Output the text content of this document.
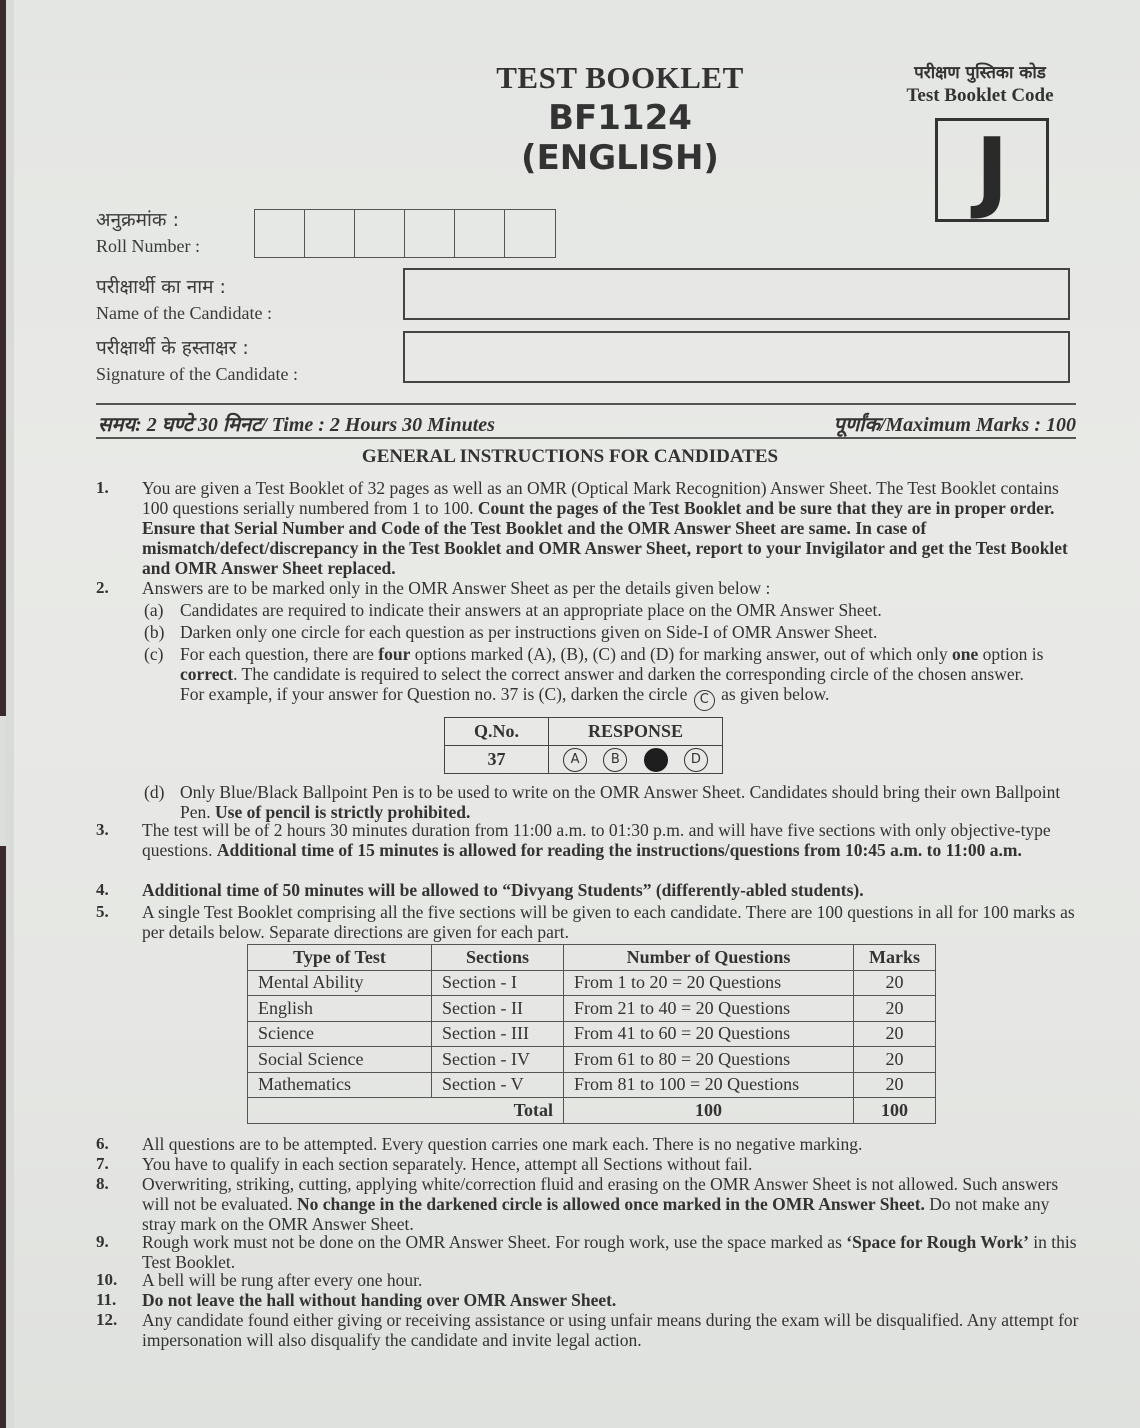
TEST BOOKLET
BF1124
(ENGLISH)
परीक्षण पुस्तिका कोड
Test Booklet Code
J
अनुक्रमांक :
Roll Number :
परीक्षार्थी का नाम :
Name of the Candidate :
परीक्षार्थी के हस्ताक्षर :
Signature of the Candidate :
समय: 2 घण्टे 30 मिनट/ Time : 2 Hours 30 Minutes	पूर्णांक/Maximum Marks : 100
GENERAL INSTRUCTIONS FOR CANDIDATES
1.	You are given a Test Booklet of 32 pages as well as an OMR (Optical Mark Recognition) Answer Sheet. The Test Booklet contains 100 questions serially numbered from 1 to 100. Count the pages of the Test Booklet and be sure that they are in proper order. Ensure that Serial Number and Code of the Test Booklet and the OMR Answer Sheet are same. In case of mismatch/defect/discrepancy in the Test Booklet and OMR Answer Sheet, report to your Invigilator and get the Test Booklet and OMR Answer Sheet replaced.
2.	Answers are to be marked only in the OMR Answer Sheet as per the details given below :
(a) Candidates are required to indicate their answers at an appropriate place on the OMR Answer Sheet.
(b) Darken only one circle for each question as per instructions given on Side-I of OMR Answer Sheet.
(c) For each question, there are four options marked (A), (B), (C) and (D) for marking answer, out of which only one option is correct. The candidate is required to select the correct answer and darken the corresponding circle of the chosen answer.
For example, if your answer for Question no. 37 is (C), darken the circle C as given below.
Q.No.	RESPONSE
37	A B D
(d) Only Blue/Black Ballpoint Pen is to be used to write on the OMR Answer Sheet. Candidates should bring their own Ballpoint Pen. Use of pencil is strictly prohibited.
3.	The test will be of 2 hours 30 minutes duration from 11:00 a.m. to 01:30 p.m. and will have five sections with only objective-type questions. Additional time of 15 minutes is allowed for reading the instructions/questions from 10:45 a.m. to 11:00 a.m.
4.	Additional time of 50 minutes will be allowed to “Divyang Students” (differently-abled students).
5.	A single Test Booklet comprising all the five sections will be given to each candidate. There are 100 questions in all for 100 marks as per details below. Separate directions are given for each part.
Type of Test	Sections	Number of Questions	Marks
Mental Ability	Section - I	From 1 to 20 = 20 Questions	20
English	Section - II	From 21 to 40 = 20 Questions	20
Science	Section - III	From 41 to 60 = 20 Questions	20
Social Science	Section - IV	From 61 to 80 = 20 Questions	20
Mathematics	Section - V	From 81 to 100 = 20 Questions	20
Total		100	100
6.	All questions are to be attempted. Every question carries one mark each. There is no negative marking.
7.	You have to qualify in each section separately. Hence, attempt all Sections without fail.
8.	Overwriting, striking, cutting, applying white/correction fluid and erasing on the OMR Answer Sheet is not allowed. Such answers will not be evaluated. No change in the darkened circle is allowed once marked in the OMR Answer Sheet. Do not make any stray mark on the OMR Answer Sheet.
9.	Rough work must not be done on the OMR Answer Sheet. For rough work, use the space marked as ‘Space for Rough Work’ in this Test Booklet.
10.	A bell will be rung after every one hour.
11.	Do not leave the hall without handing over OMR Answer Sheet.
12.	Any candidate found either giving or receiving assistance or using unfair means during the exam will be disqualified. Any attempt for impersonation will also disqualify the candidate and invite legal action.
